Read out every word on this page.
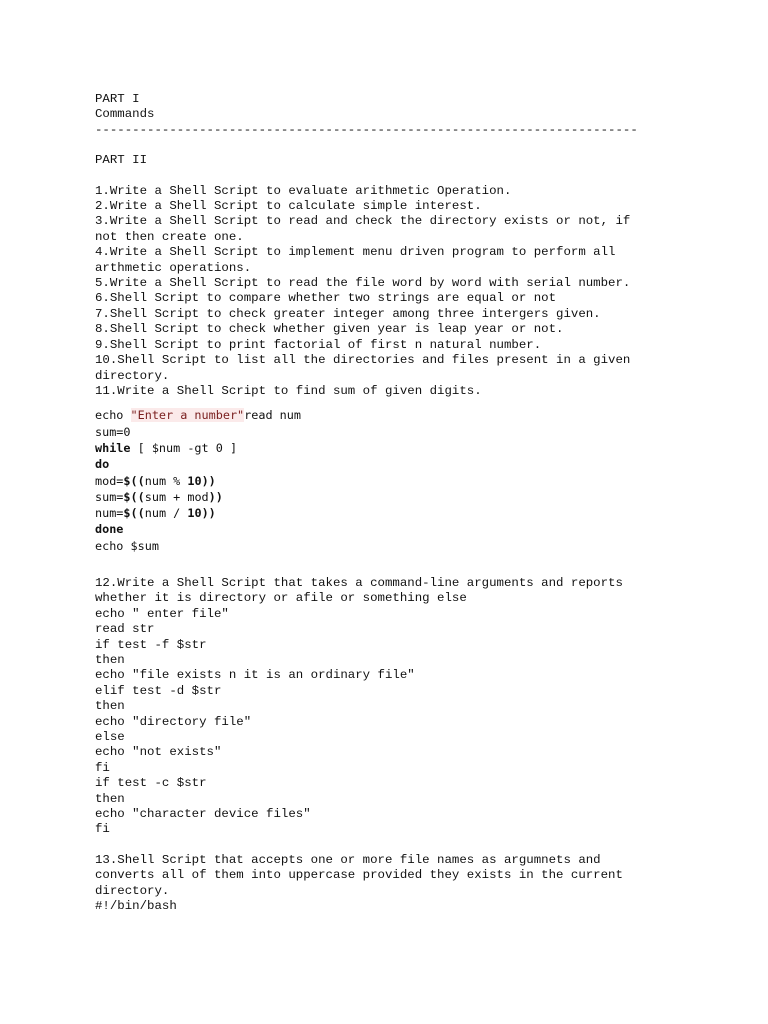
PART I
Commands
-------------------------------------------------------------------------
PART II
1.Write a Shell Script to evaluate arithmetic Operation.
2.Write a Shell Script to calculate simple interest.
3.Write a Shell Script to read and check the directory exists or not, if
not then create one.
4.Write a Shell Script to implement menu driven program to perform all
arthmetic operations.
5.Write a Shell Script to read the file word by word with serial number.
6.Shell Script to compare whether two strings are equal or not
7.Shell Script to check greater integer among three intergers given.
8.Shell Script to check whether given year is leap year or not.
9.Shell Script to print factorial of first n natural number.
10.Shell Script to list all the directories and files present in a given
directory.
11.Write a Shell Script to find sum of given digits.
echo "Enter a number"read num
sum=0
while [ $num -gt 0 ]
do
mod=$((num % 10))
sum=$((sum + mod))
num=$((num / 10))
done
echo $sum
12.Write a Shell Script that takes a command-line arguments and reports
whether it is directory or afile or something else
echo " enter file"
read str
if test -f $str
then
echo "file exists n it is an ordinary file"
elif test -d $str
then
echo "directory file"
else
echo "not exists"
fi
if test -c $str
then
echo "character device files"
fi
13.Shell Script that accepts one or more file names as argumnets and
converts all of them into uppercase provided they exists in the current
directory.
#!/bin/bash
